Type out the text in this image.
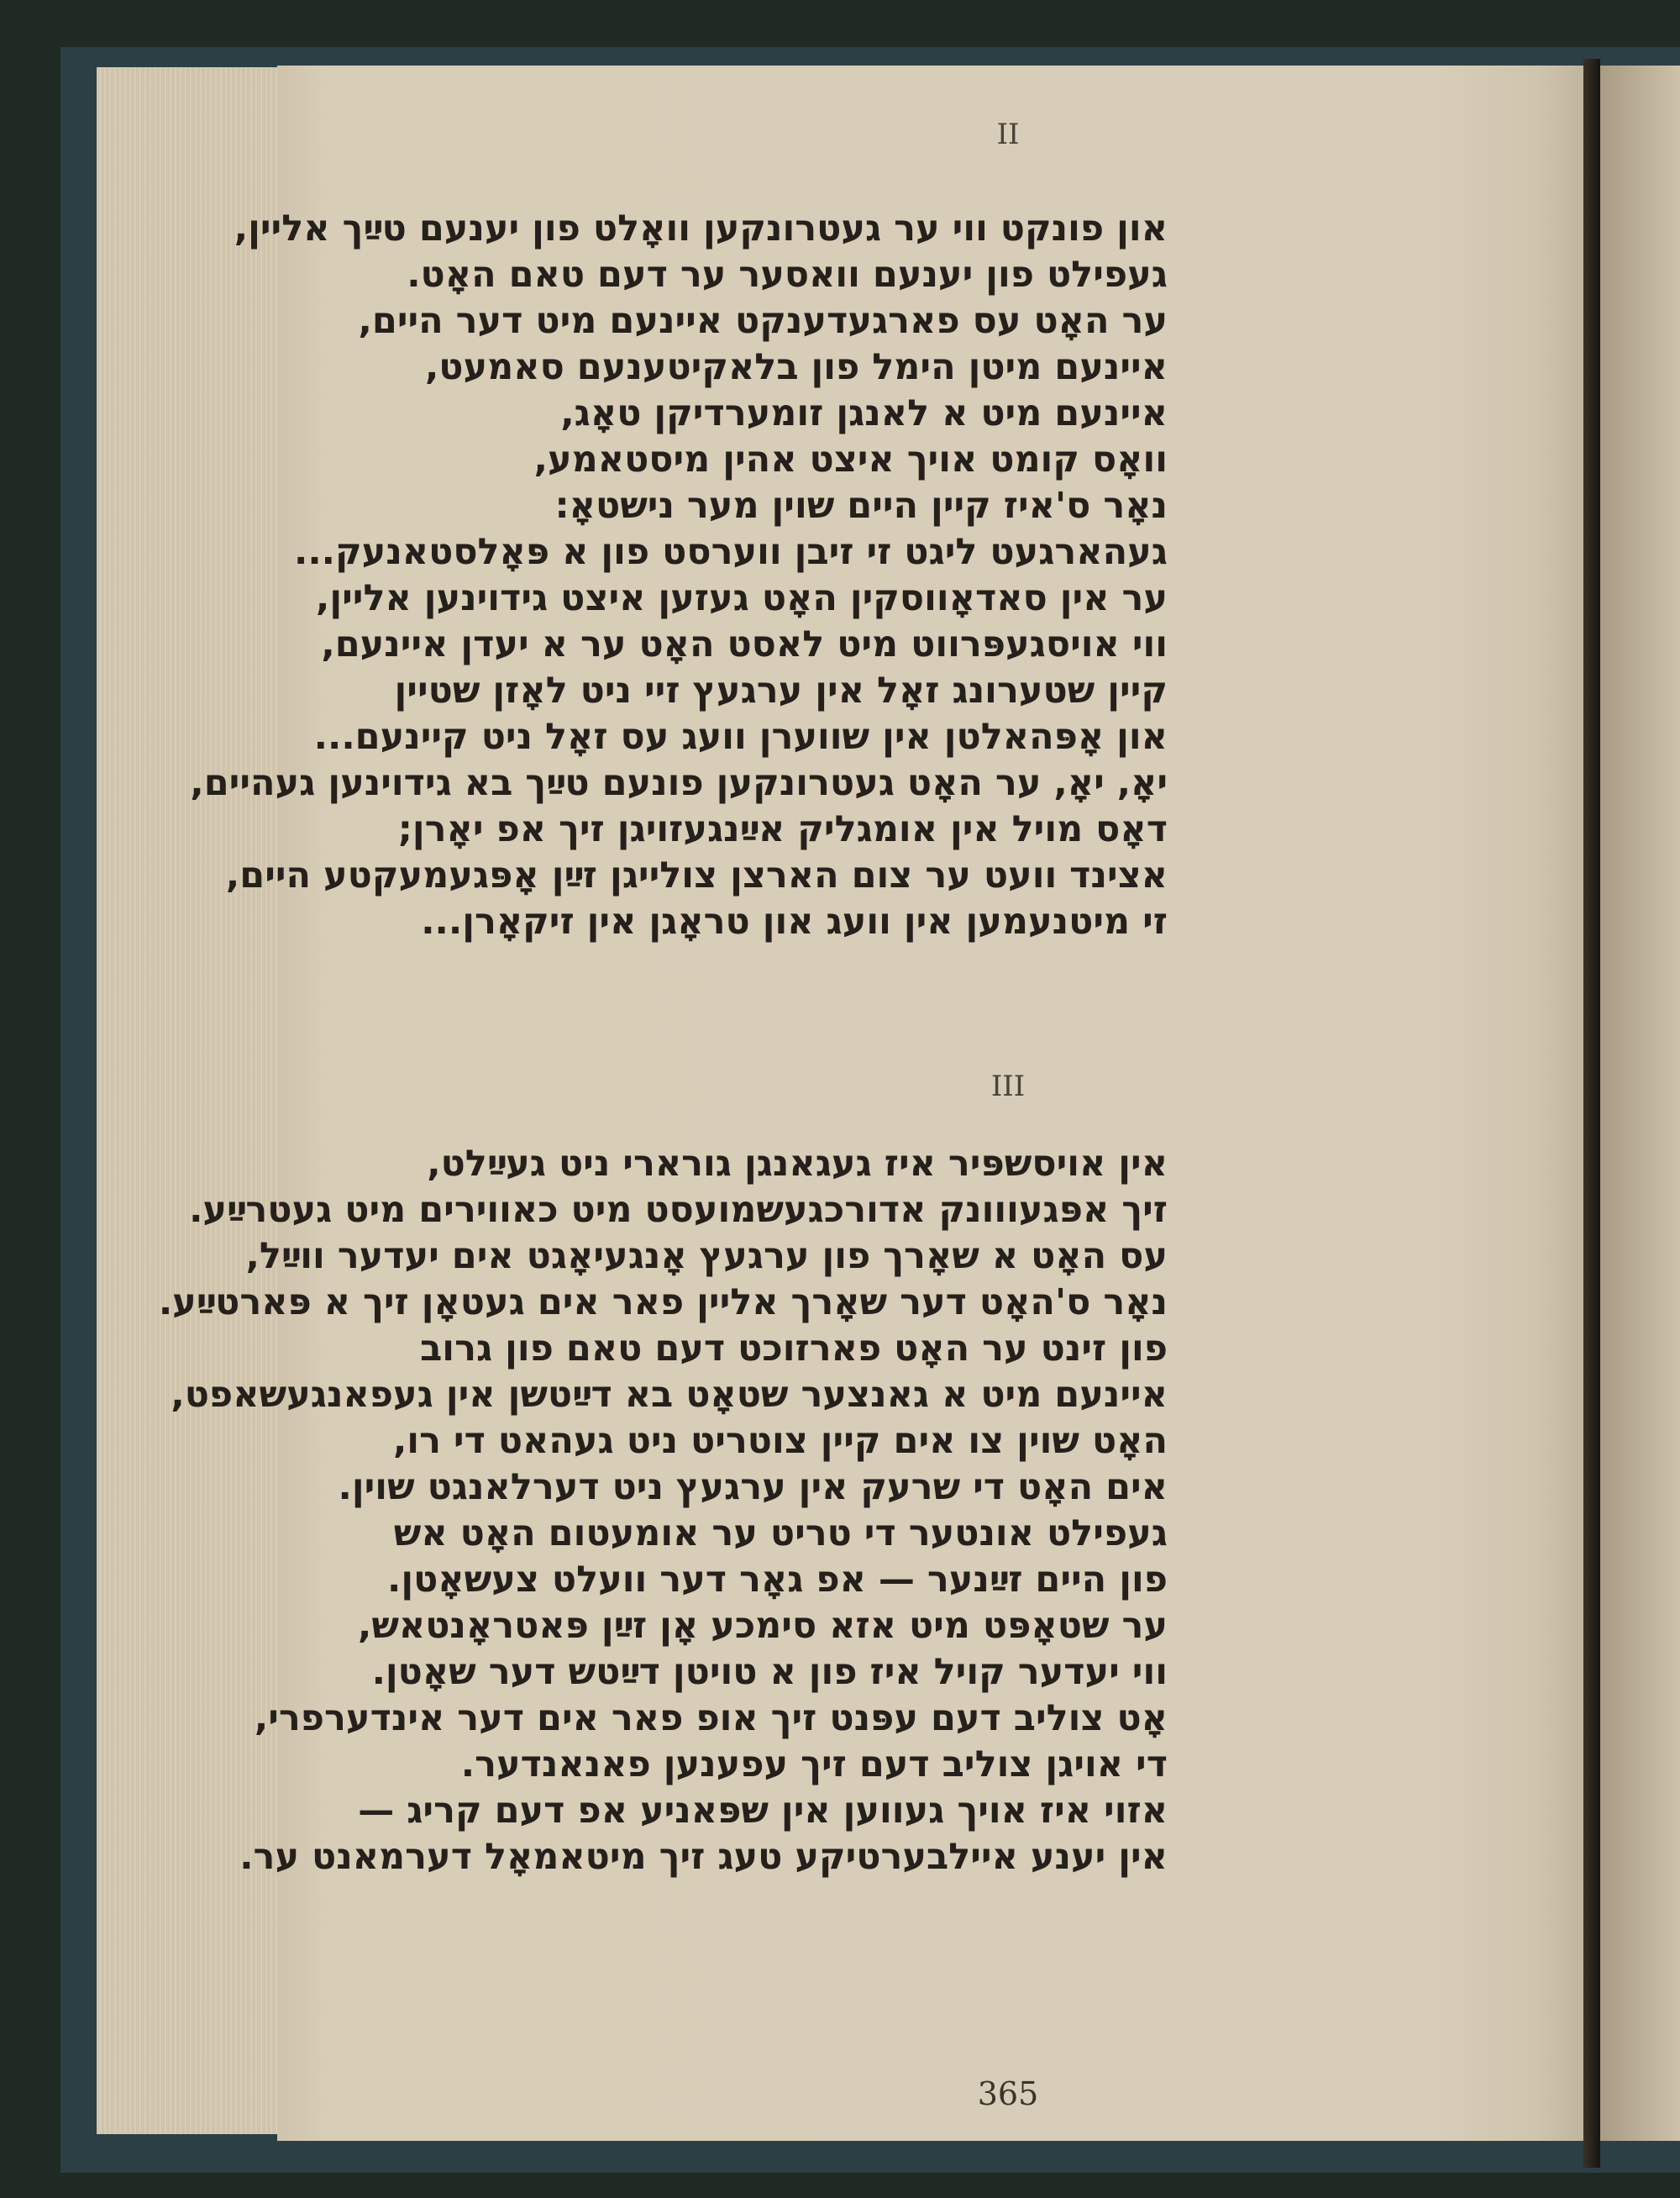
II
און פונקט ווי ער געטרונקען וואָלט פון יענעם טײַך אליין,
געפילט פון יענעם וואסער ער דעם טאם האָט.
ער האָט עס פארגעדענקט איינעם מיט דער היים,
איינעם מיטן הימל פון בלאקיטענעם סאמעט,
איינעם מיט א לאנגן זומערדיקן טאָג,
וואָס קומט אויך איצט אהין מיסטאמע,
נאָר ס'איז קיין היים שוין מער נישטאָ:
געהארגעט ליגט זי זיבן ווערסט פון א פּאָלסטאנעק...
ער אין סאדאָווסקין האָט געזען איצט גידוינען אליין,
ווי אויסגעפּרווט מיט לאסט האָט ער א יעדן איינעם,
קיין שטערונג זאָל אין ערגעץ זיי ניט לאָזן שטיין
און אָפּהאלטן אין שווערן וועג עס זאָל ניט קיינעם...
יאָ, יאָ, ער האָט געטרונקען פונעם טײַך בא גידוינען געהיים,
דאָס מויל אין אומגליק אײַנגעזויגן זיך אפ יאָרן;
אצינד וועט ער צום הארצן צולייגן זײַן אָפּגעמעקטע היים,
זי מיטנעמען אין וועג און טראָגן אין זיקאָרן...
III
אין אויסשפּיר איז געגאנגן גורארי ניט געײַלט,
זיך אפּגעווונק אדורכגעשמועסט מיט כאווירים מיט געטרײַע.
עס האָט א שאָרך פון ערגעץ אָנגעיאָגט אים יעדער ווײַל,
נאָר ס'האָט דער שאָרך אליין פאר אים געטאָן זיך א פּארטײַע.
פון זינט ער האָט פארזוכט דעם טאם פון גרוב
איינעם מיט א גאנצער שטאָט בא דײַטשן אין געפאנגעשאפט,
האָט שוין צו אים קיין צוטריט ניט געהאט די רו,
אים האָט די שרעק אין ערגעץ ניט דערלאנגט שוין.
געפילט אונטער די טריט ער אומעטום האָט אש
פון היים זײַנער — אפ גאָר דער וועלט צעשאָטן.
ער שטאָפּט מיט אזא סימכע אָן זײַן פּאטראָנטאש,
ווי יעדער קויל איז פון א טויטן דײַטש דער שאָטן.
אָט צוליב דעם עפּנט זיך אופ פאר אים דער אינדערפרי,
די אויגן צוליב דעם זיך עפענען פאנאנדער.
אזוי איז אויך געווען אין שפּאניע אפ דעם קריג —
אין יענע איילבערטיקע טעג זיך מיטאמאָל דערמאנט ער.
365
